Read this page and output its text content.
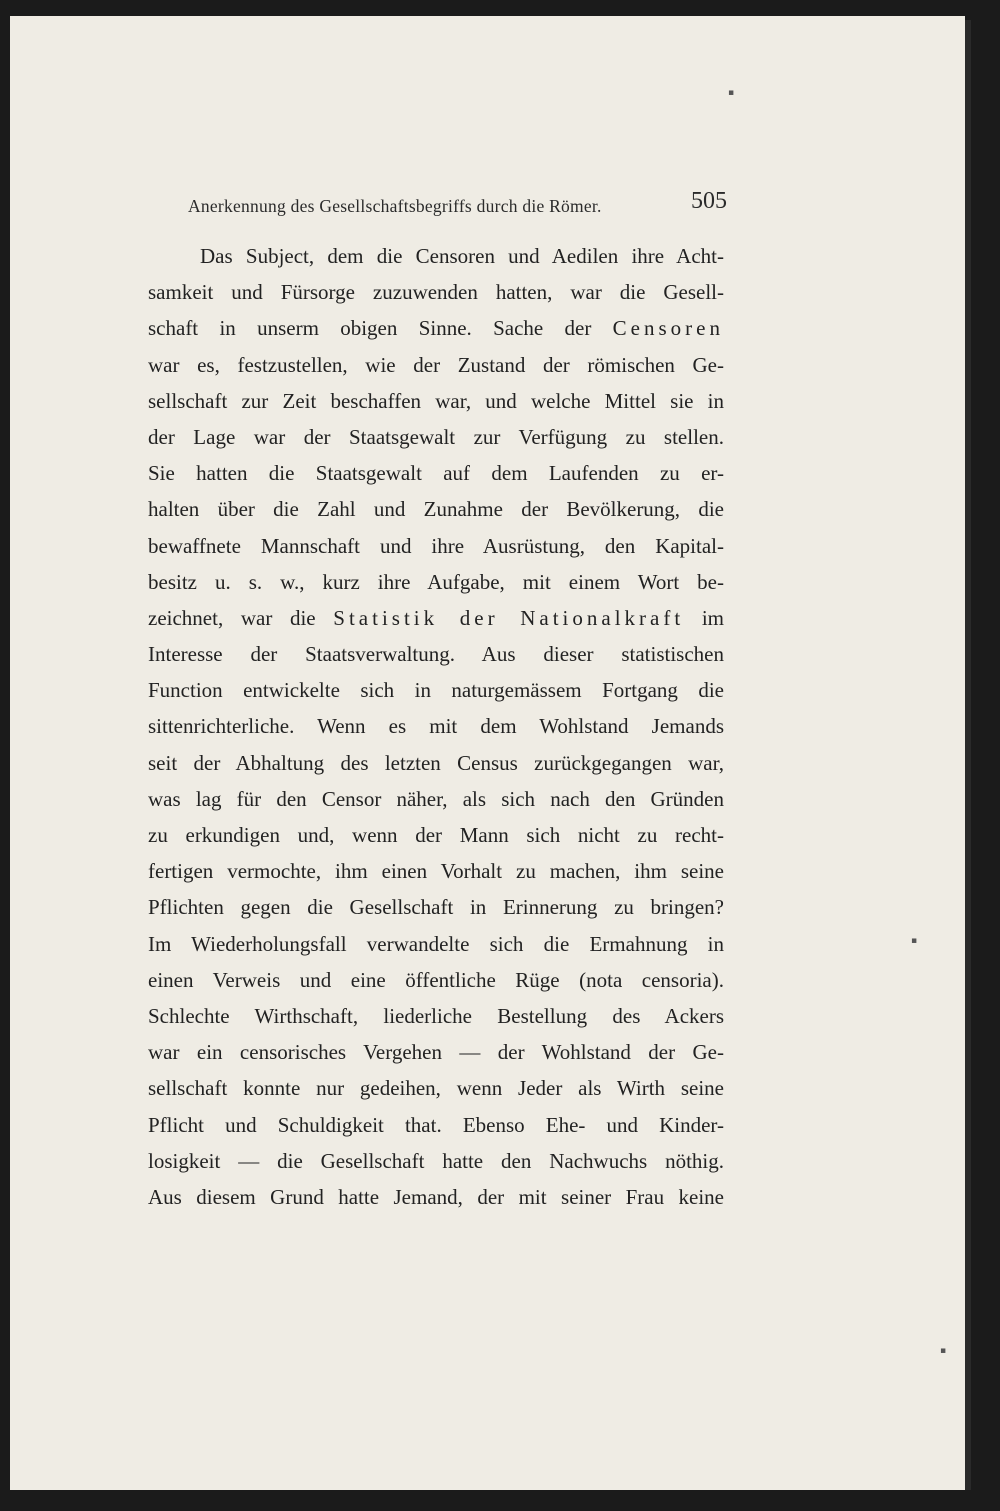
▪
▪
▪
Anerkennung des Gesellschaftsbegriffs durch die Römer.	505
Das Subject, dem die Censoren und Aedilen ihre Acht-
samkeit und Fürsorge zuzuwenden hatten, war die Gesell-
schaft in unserm obigen Sinne. Sache der Censoren
war es, festzustellen, wie der Zustand der römischen Ge-
sellschaft zur Zeit beschaffen war, und welche Mittel sie in
der Lage war der Staatsgewalt zur Verfügung zu stellen.
Sie hatten die Staatsgewalt auf dem Laufenden zu er-
halten über die Zahl und Zunahme der Bevölkerung, die
bewaffnete Mannschaft und ihre Ausrüstung, den Kapital-
besitz u. s. w., kurz ihre Aufgabe, mit einem Wort be-
zeichnet, war die Statistik der Nationalkraft im
Interesse der Staatsverwaltung. Aus dieser statistischen
Function entwickelte sich in naturgemässem Fortgang die
sittenrichterliche. Wenn es mit dem Wohlstand Jemands
seit der Abhaltung des letzten Census zurückgegangen war,
was lag für den Censor näher, als sich nach den Gründen
zu erkundigen und, wenn der Mann sich nicht zu recht-
fertigen vermochte, ihm einen Vorhalt zu machen, ihm seine
Pflichten gegen die Gesellschaft in Erinnerung zu bringen?
Im Wiederholungsfall verwandelte sich die Ermahnung in
einen Verweis und eine öffentliche Rüge (nota censoria).
Schlechte Wirthschaft, liederliche Bestellung des Ackers
war ein censorisches Vergehen — der Wohlstand der Ge-
sellschaft konnte nur gedeihen, wenn Jeder als Wirth seine
Pflicht und Schuldigkeit that. Ebenso Ehe- und Kinder-
losigkeit — die Gesellschaft hatte den Nachwuchs nöthig.
Aus diesem Grund hatte Jemand, der mit seiner Frau keine
